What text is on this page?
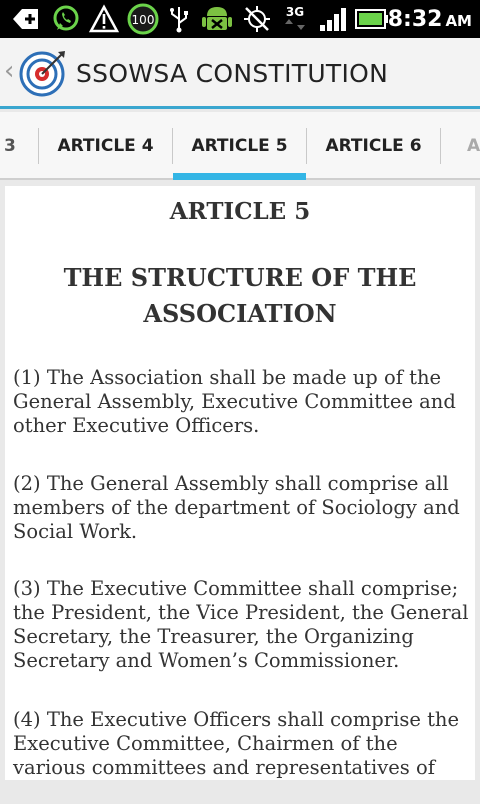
100
3G	8:32 AM
‹ SSOWSA CONSTITUTION
3 ARTICLE 4 ARTICLE 5 ARTICLE 6	A
ARTICLE 5
THE STRUCTURE OF THE ASSOCIATION

(1) The Association shall be made up of the General Assembly, Executive Committee and other Executive Officers.

(2) The General Assembly shall comprise all members of the department of Sociology and Social Work.

(3) The Executive Committee shall comprise; the President, the Vice President, the General Secretary, the Treasurer, the Organizing Secretary and Women’s Commissioner.

(4) The Executive Officers shall comprise the Executive Committee, Chairmen of the various committees and representatives of
